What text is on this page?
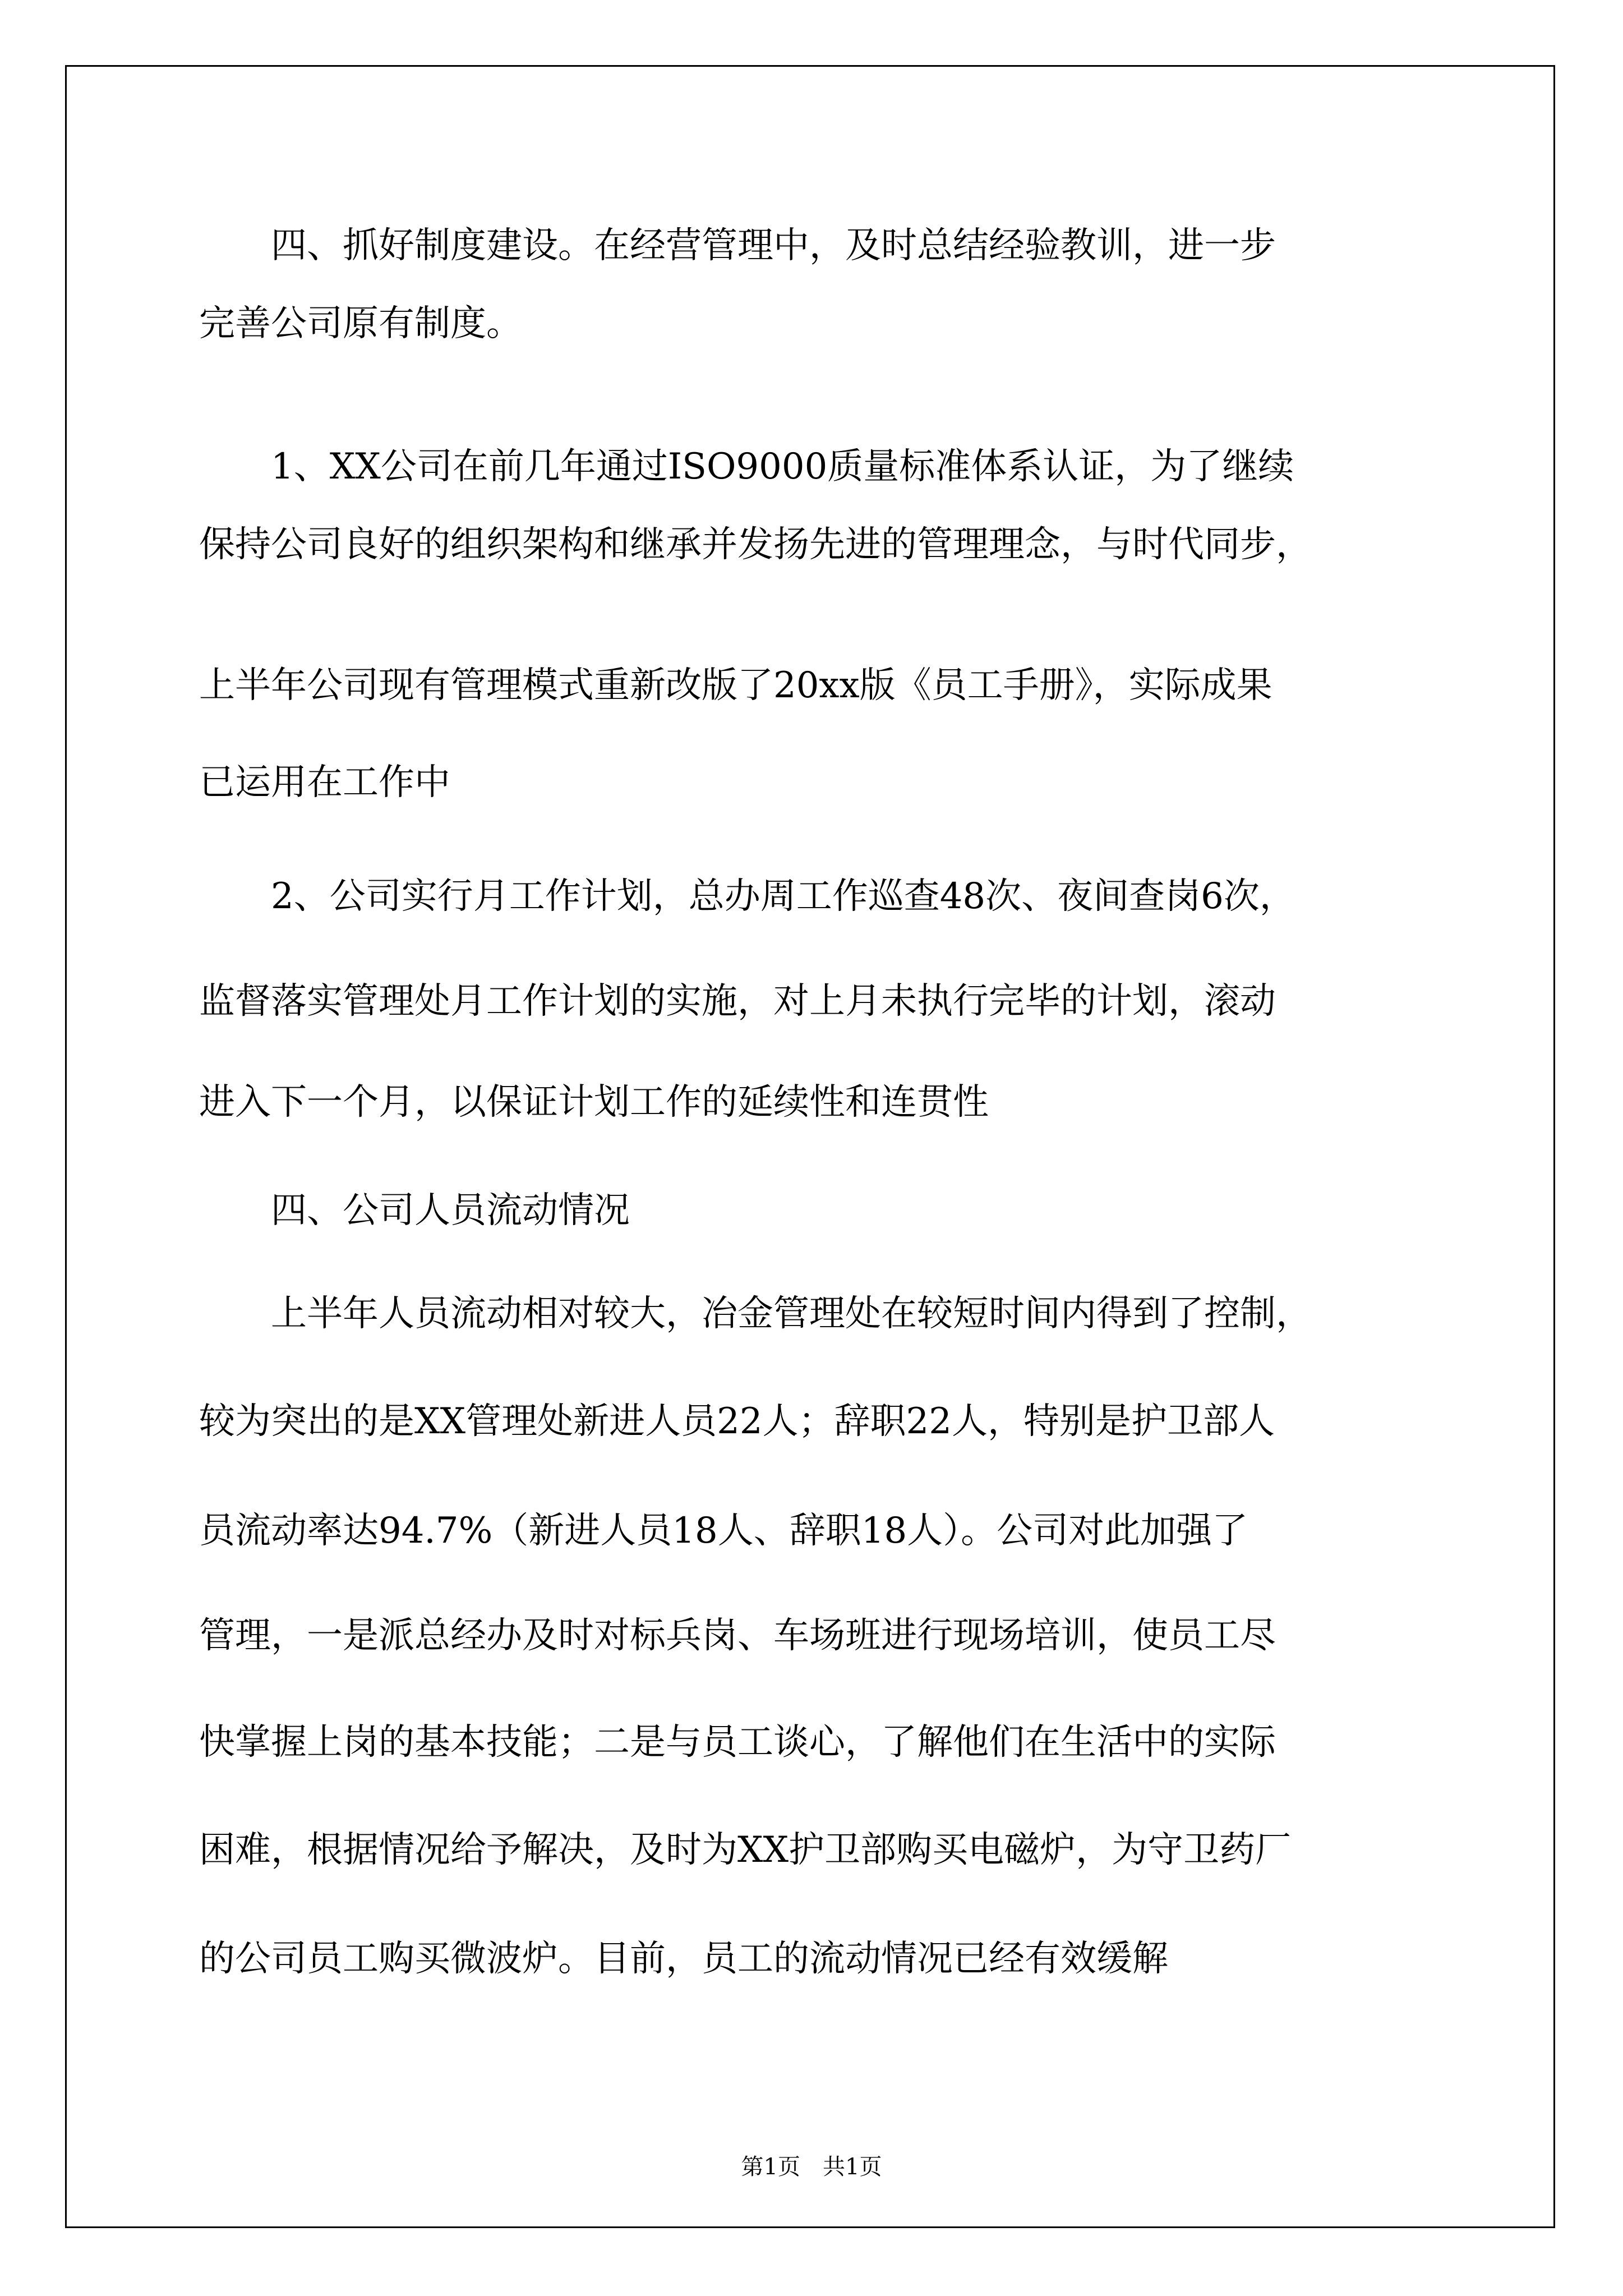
　　四、抓好制度建设。在经营管理中，及时总结经验教训，进一步
完善公司原有制度。
　　1、XX公司在前几年通过ISO9000质量标准体系认证，为了继续
保持公司良好的组织架构和继承并发扬先进的管理理念，与时代同步，
上半年公司现有管理模式重新改版了20xx版《员工手册》，实际成果
已运用在工作中
　　2、公司实行月工作计划，总办周工作巡查48次、夜间查岗6次，
监督落实管理处月工作计划的实施，对上月未执行完毕的计划，滚动
进入下一个月，以保证计划工作的延续性和连贯性
　　四、公司人员流动情况
　　上半年人员流动相对较大，冶金管理处在较短时间内得到了控制，
较为突出的是XX管理处新进人员22人；辞职22人，特别是护卫部人
员流动率达94.7%（新进人员18人、辞职18人）。公司对此加强了
管理，一是派总经办及时对标兵岗、车场班进行现场培训，使员工尽
快掌握上岗的基本技能；二是与员工谈心，了解他们在生活中的实际
困难，根据情况给予解决，及时为XX护卫部购买电磁炉，为守卫药厂
的公司员工购买微波炉。目前，员工的流动情况已经有效缓解
第1页　共1页
